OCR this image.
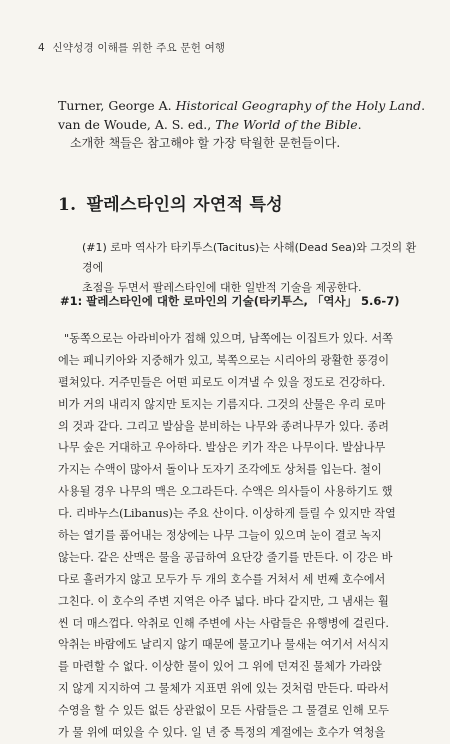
4 신약성경 이해를 위한 주요 문헌 여행

Turner, George A. Historical Geography of the Holy Land.

van de Woude, A. S. ed., The World of the Bible.

소개한 책들은 참고해야 할 가장 탁월한 문헌들이다.

1. 팔레스타인의 자연적 특성

(#1) 로마 역사가 타키투스(Tacitus)는 사해(Dead Sea)와 그것의 환경에

초점을 두면서 팔레스타인에 대한 일반적 기술을 제공한다.

#1: 팔레스타인에 대한 로마인의 기술(타키투스, 「역사」 5.6-7)
"동쪽으로는 아라비아가 접해 있으며, 남쪽에는 이집트가 있다. 서쪽
에는 페니키아와 지중해가 있고, 북쪽으로는 시리아의 광활한 풍경이
펼쳐있다. 거주민들은 어떤 피로도 이겨낼 수 있을 정도로 건강하다.
비가 거의 내리지 않지만 토지는 기름지다. 그것의 산물은 우리 로마
의 것과 같다. 그리고 발삼을 분비하는 나무와 종려나무가 있다. 종려
나무 숲은 거대하고 우아하다. 발삼은 키가 작은 나무이다. 발삼나무
가지는 수액이 많아서 돌이나 도자기 조각에도 상처를 입는다. 철이
사용될 경우 나무의 맥은 오그라든다. 수액은 의사들이 사용하기도 했
다. 리바누스(Libanus)는 주요 산이다. 이상하게 들릴 수 있지만 작열
하는 열기를 품어내는 정상에는 나무 그늘이 있으며 눈이 결코 녹지
않는다. 같은 산맥은 물을 공급하여 요단강 줄기를 만든다. 이 강은 바
다로 흘러가지 않고 모두가 두 개의 호수를 거쳐서 세 번째 호수에서
그친다. 이 호수의 주변 지역은 아주 넓다. 바다 같지만, 그 냄새는 훨
씬 더 매스껍다. 악취로 인해 주변에 사는 사람들은 유행병에 걸린다.
악취는 바람에도 날리지 않기 때문에 물고기나 물새는 여기서 서식지
를 마련할 수 없다. 이상한 물이 있어 그 위에 던져진 물체가 가라앉
지 않게 지지하여 그 물체가 지표면 위에 있는 것처럼 만든다. 따라서
수영을 할 수 있든 없든 상관없이 모든 사람들은 그 물결로 인해 모두
가 물 위에 떠있을 수 있다. 일 년 중 특정의 계절에는 호수가 역청을
